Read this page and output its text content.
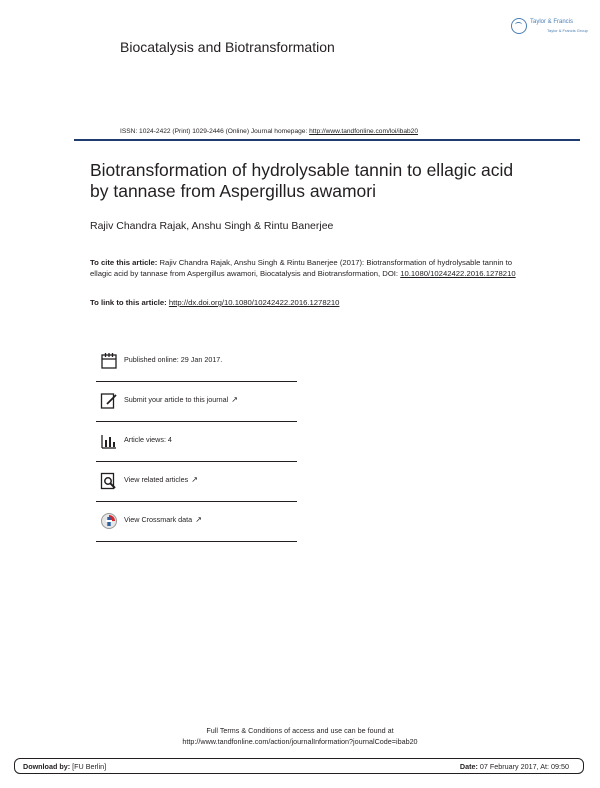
Taylor & Francis
Taylor & Francis Group
Biocatalysis and Biotransformation
ISSN: 1024-2422 (Print) 1029-2446 (Online) Journal homepage: http://www.tandfonline.com/loi/ibab20
Biotransformation of hydrolysable tannin to ellagic acid by tannase from Aspergillus awamori
Rajiv Chandra Rajak, Anshu Singh & Rintu Banerjee
To cite this article: Rajiv Chandra Rajak, Anshu Singh & Rintu Banerjee (2017): Biotransformation of hydrolysable tannin to ellagic acid by tannase from Aspergillus awamori, Biocatalysis and Biotransformation, DOI: 10.1080/10242422.2016.1278210
To link to this article: http://dx.doi.org/10.1080/10242422.2016.1278210
Published online: 29 Jan 2017.
Submit your article to this journal ↗
Article views: 4
View related articles ↗
View Crossmark data ↗
Full Terms & Conditions of access and use can be found at
http://www.tandfonline.com/action/journalInformation?journalCode=ibab20
Download by: [FU Berlin]	Date: 07 February 2017, At: 09:50
